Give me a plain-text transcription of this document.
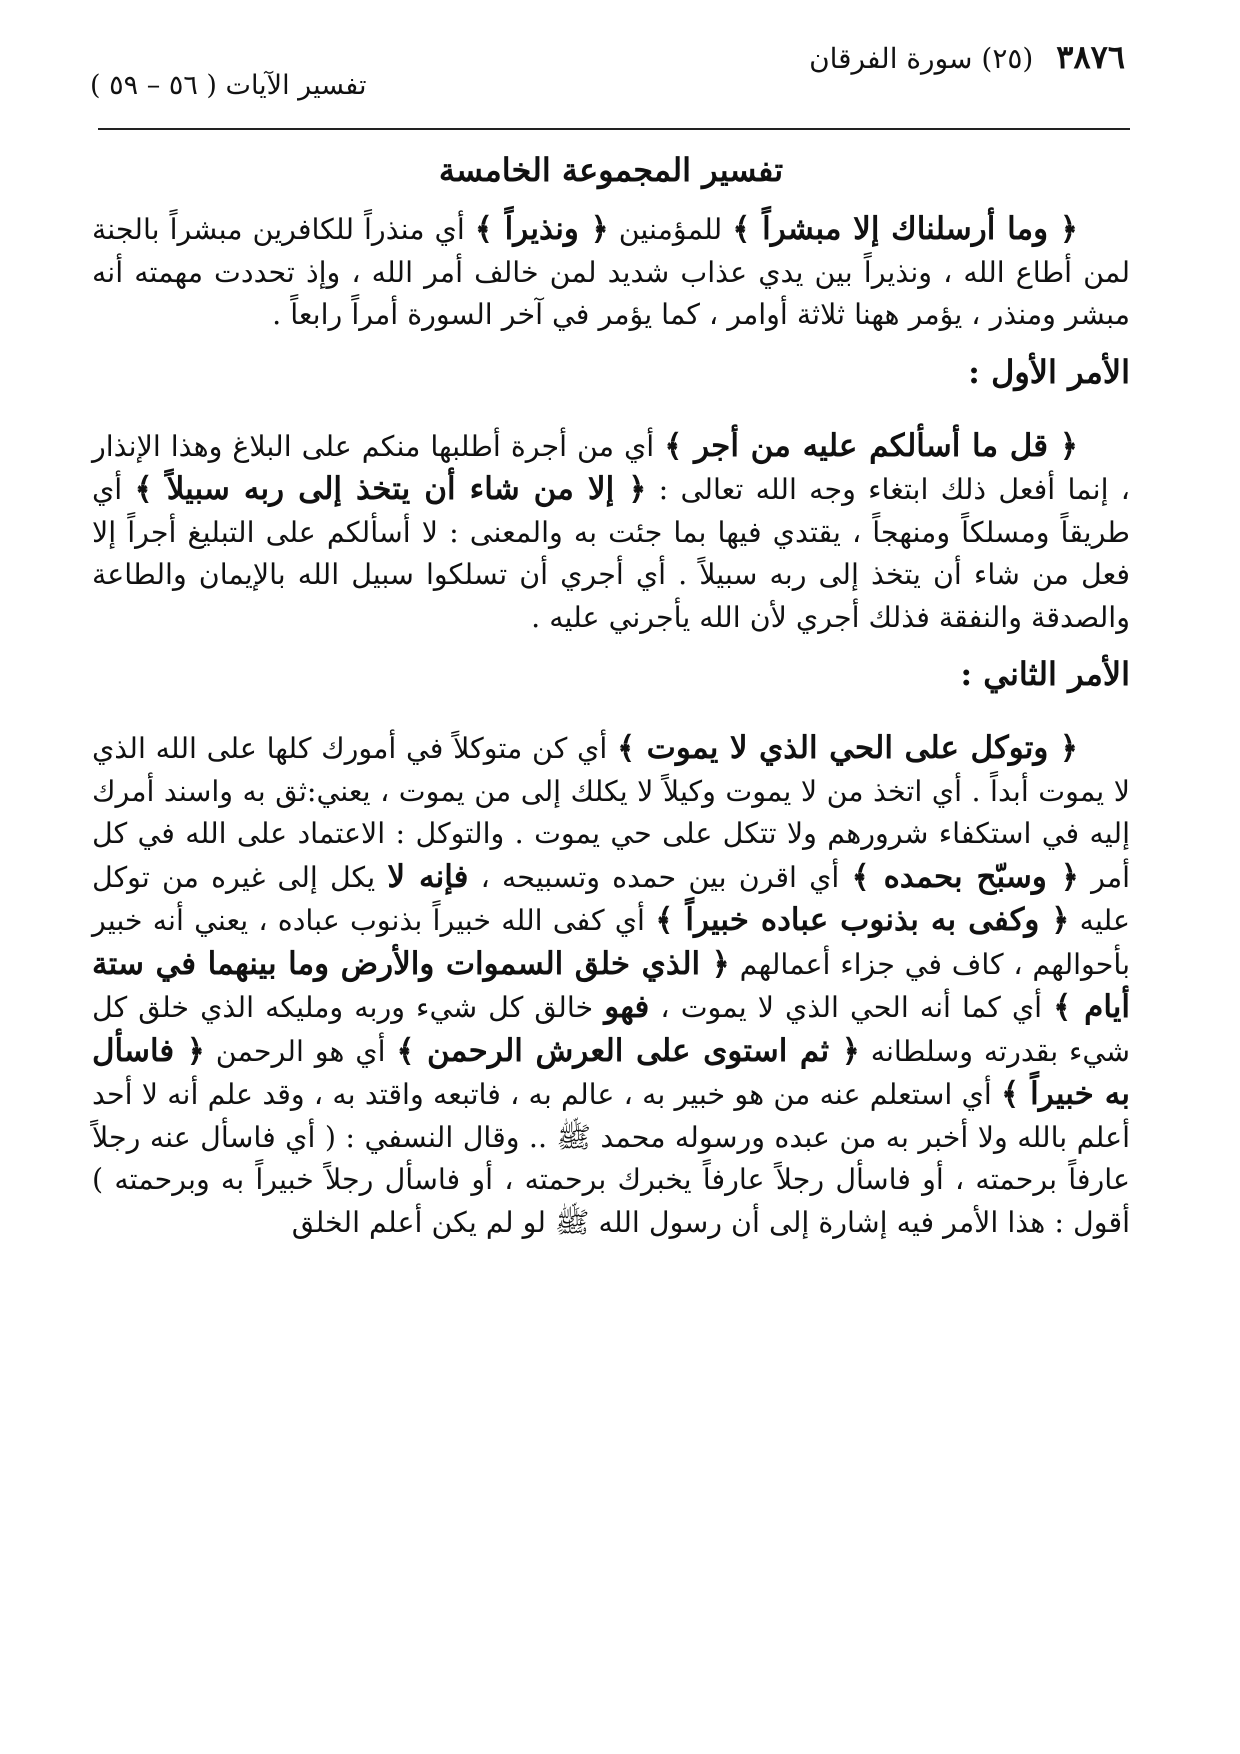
٣٨٧٦ (٢٥) سورة الفرقان
تفسير الآيات ( ٥٦ – ٥٩ )
تفسير المجموعة الخامسة

﴿ وما أرسلناك إلا مبشراً ﴾ للمؤمنين ﴿ ونذيراً ﴾ أي منذراً للكافرين مبشراً بالجنة لمن أطاع الله ، ونذيراً بين يدي عذاب شديد لمن خالف أمر الله ، وإذ تحددت مهمته أنه مبشر ومنذر ، يؤمر ههنا ثلاثة أوامر ، كما يؤمر في آخر السورة أمراً رابعاً .

الأمر الأول :

﴿ قل ما أسألكم عليه من أجر ﴾ أي من أجرة أطلبها منكم على البلاغ وهذا الإنذار ، إنما أفعل ذلك ابتغاء وجه الله تعالى : ﴿ إلا من شاء أن يتخذ إلى ربه سبيلاً ﴾ أي طريقاً ومسلكاً ومنهجاً ، يقتدي فيها بما جئت به والمعنى : لا أسألكم على التبليغ أجراً إلا فعل من شاء أن يتخذ إلى ربه سبيلاً . أي أجري أن تسلكوا سبيل الله بالإيمان والطاعة والصدقة والنفقة فذلك أجري لأن الله يأجرني عليه .

الأمر الثاني :

﴿ وتوكل على الحي الذي لا يموت ﴾ أي كن متوكلاً في أمورك كلها على الله الذي لا يموت أبداً . أي اتخذ من لا يموت وكيلاً لا يكلك إلى من يموت ، يعني:ثق به واسند أمرك إليه في استكفاء شرورهم ولا تتكل على حي يموت . والتوكل : الاعتماد على الله في كل أمر ﴿ وسبّح بحمده ﴾ أي اقرن بين حمده وتسبيحه ، فإنه لا يكل إلى غيره من توكل عليه ﴿ وكفى به بذنوب عباده خبيراً ﴾ أي كفى الله خبيراً بذنوب عباده ، يعني أنه خبير بأحوالهم ، كاف في جزاء أعمالهم ﴿ الذي خلق السموات والأرض وما بينهما في ستة أيام ﴾ أي كما أنه الحي الذي لا يموت ، فهو خالق كل شيء وربه ومليكه الذي خلق كل شيء بقدرته وسلطانه ﴿ ثم استوى على العرش الرحمن ﴾ أي هو الرحمن ﴿ فاسأل به خبيراً ﴾ أي استعلم عنه من هو خبير به ، عالم به ، فاتبعه واقتد به ، وقد علم أنه لا أحد أعلم بالله ولا أخبر به من عبده ورسوله محمد ﷺ .. وقال النسفي : ( أي فاسأل عنه رجلاً عارفاً برحمته ، أو فاسأل رجلاً عارفاً يخبرك برحمته ، أو فاسأل رجلاً خبيراً به وبرحمته ) أقول : هذا الأمر فيه إشارة إلى أن رسول الله ﷺ لو لم يكن أعلم الخلق
